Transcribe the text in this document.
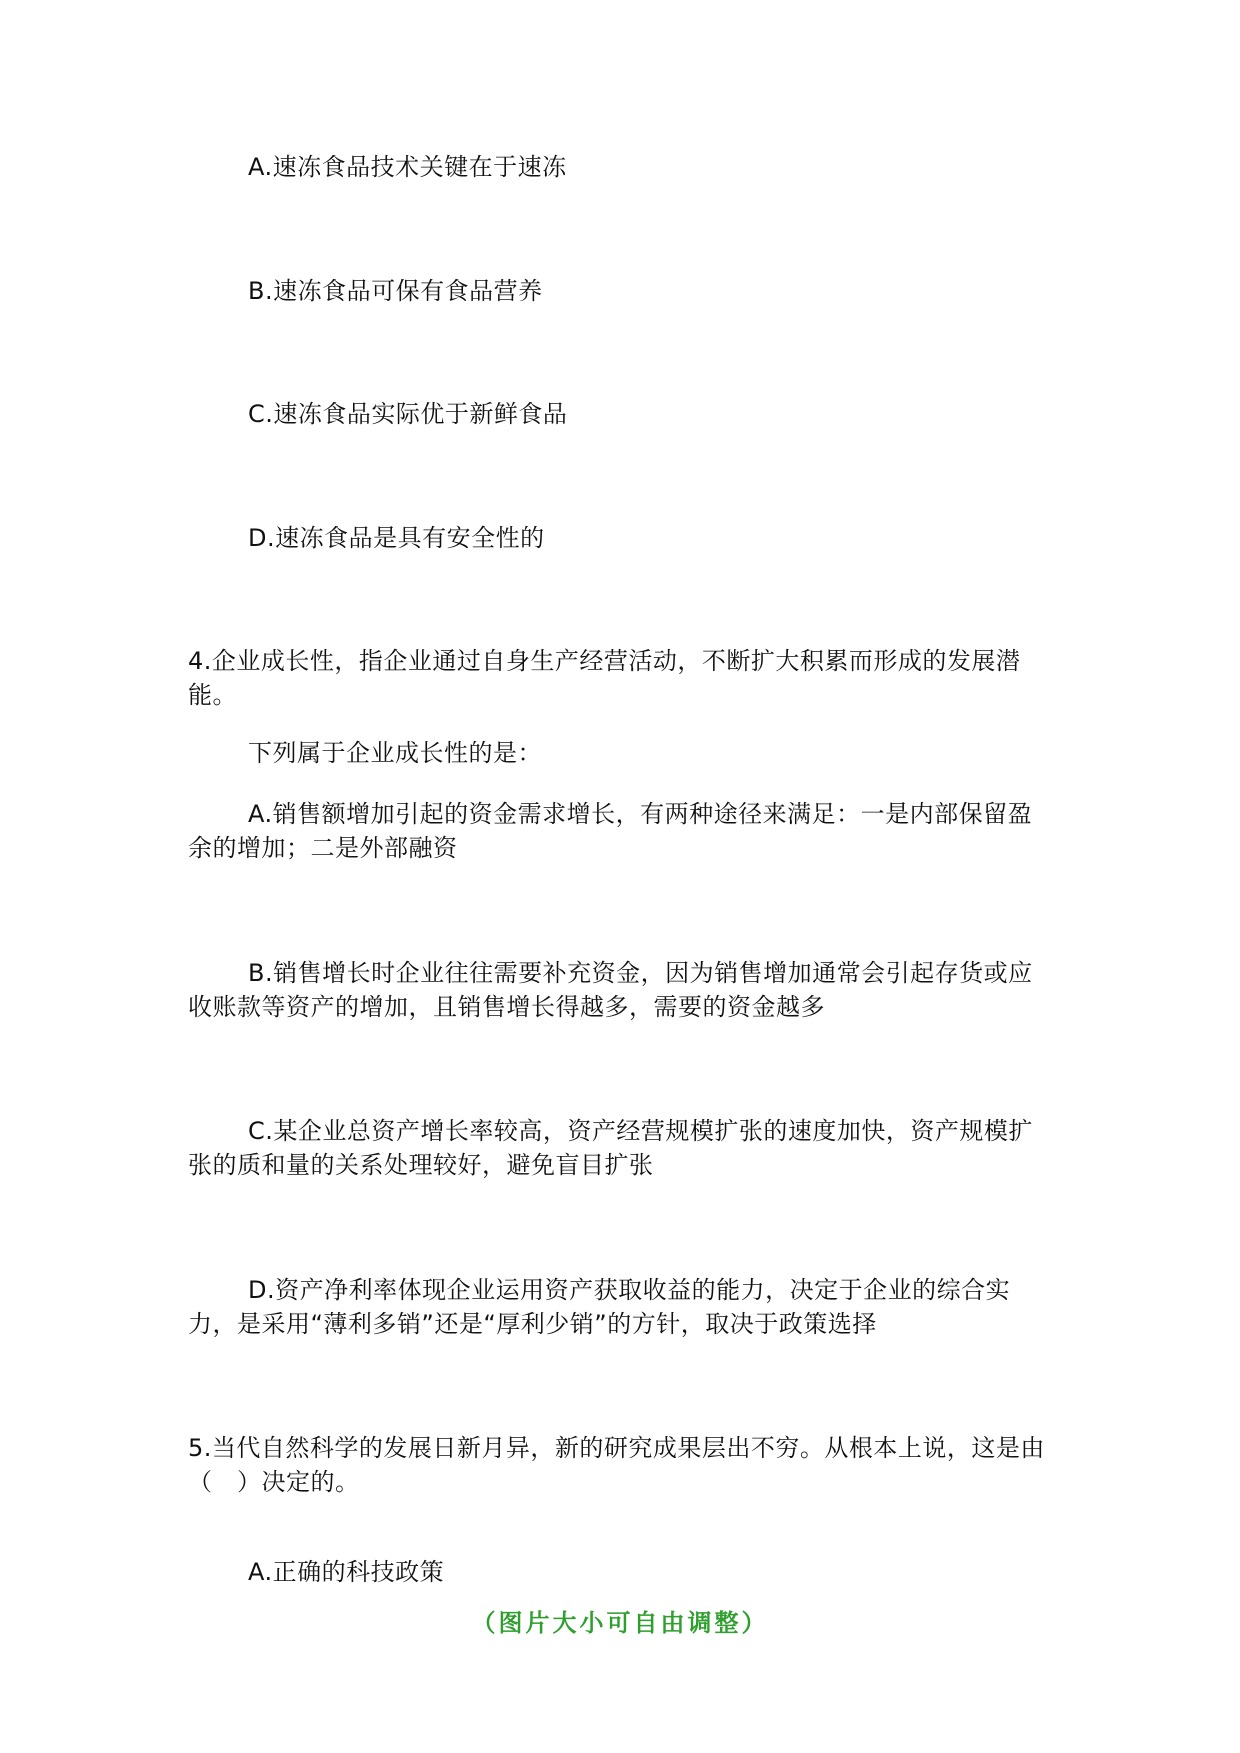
A.速冻食品技术关键在于速冻
B.速冻食品可保有食品营养
C.速冻食品实际优于新鲜食品
D.速冻食品是具有安全性的
4.企业成长性，指企业通过自身生产经营活动，不断扩大积累而形成的发展潜能。
下列属于企业成长性的是：
A.销售额增加引起的资金需求增长，有两种途径来满足：一是内部保留盈余的增加；二是外部融资
B.销售增长时企业往往需要补充资金，因为销售增加通常会引起存货或应收账款等资产的增加，且销售增长得越多，需要的资金越多
C.某企业总资产增长率较高，资产经营规模扩张的速度加快，资产规模扩张的质和量的关系处理较好，避免盲目扩张
D.资产净利率体现企业运用资产获取收益的能力，决定于企业的综合实力，是采用“薄利多销”还是“厚利少销”的方针，取决于政策选择
5.当代自然科学的发展日新月异，新的研究成果层出不穷。从根本上说，这是由（　）决定的。
A.正确的科技政策
（图片大小可自由调整）
